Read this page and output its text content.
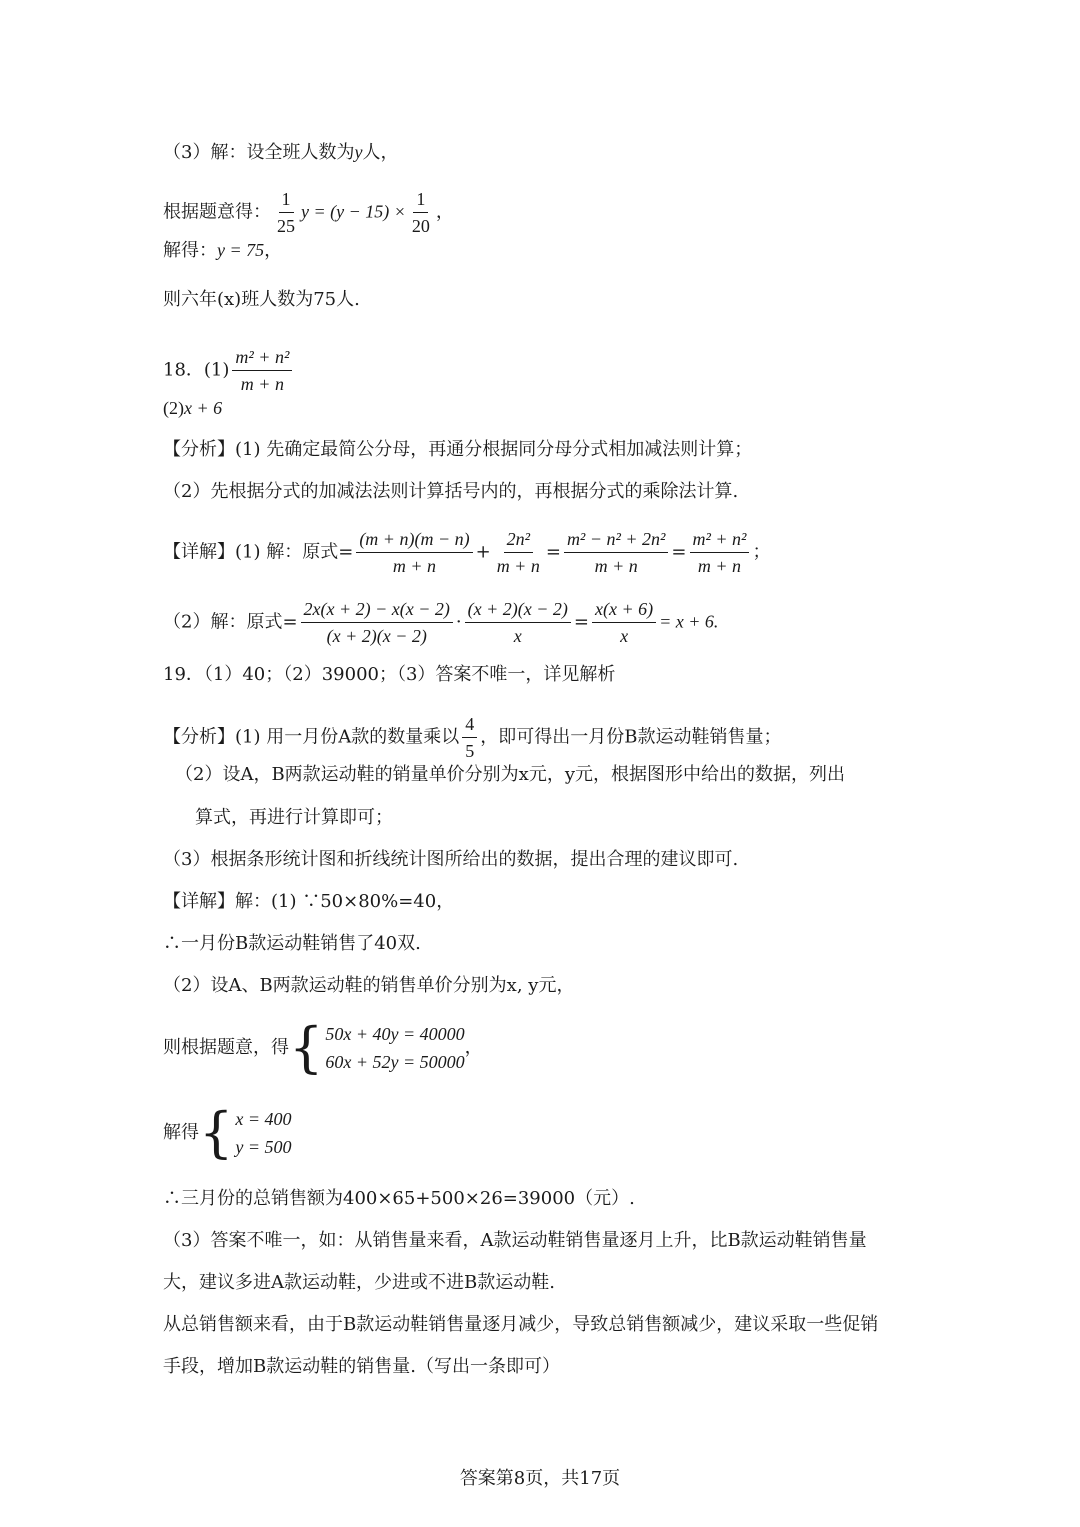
（3）解：设全班人数为y人，
根据题意得： $\frac{1}{25}$ $y = (y - 15) \times \frac{1}{20}$ ，
解得：y = 75，
则六年(x)班人数为75人.
18．$(1) \frac{\text{m² + n²}}{m + n}$
(2)x + 6
【分析】(1) 先确定最简公分母，再通分根据同分母分式相加减法则计算；
（2）先根据分式的加减法法则计算括号内的，再根据分式的乘除法计算.
【详解】(1) 解：原式= $\frac{(m + n)(m - n)}{m + n} + \frac{\text{2n²}}{m + n} = \frac{\text{m² − n² + 2n²}}{m + n} = \frac{\text{m² + n²}}{m + n}$ ；
（2）解：原式= $\frac{2x(x + 2) - x(x - 2)}{(x + 2)(x - 2)} \cdot \frac{(x + 2)(x - 2)}{x} = \frac{x(x + 6)}{x} = x + 6$.
19．（1）40；（2）39000；（3）答案不唯一，详见解析
【分析】(1) 用一月份A款的数量乘以 $\frac{4}{5}$ ，即可得出一月份B款运动鞋销售量；
（2）设A，B两款运动鞋的销量单价分别为x元，y元，根据图形中给出的数据，列出
算式，再进行计算即可；
（3）根据条形统计图和折线统计图所给出的数据，提出合理的建议即可.
【详解】解：(1) ∵50×80%=40，
∴一月份B款运动鞋销售了40双.
（2）设A、B两款运动鞋的销售单价分别为x, y元，
则根据题意，得 { 50x + 40y = 40000
60x + 52y = 50000
，
解得 { x = 400
y = 500
∴三月份的总销售额为400×65+500×26=39000（元）.
（3）答案不唯一，如：从销售量来看，A款运动鞋销售量逐月上升，比B款运动鞋销售量
大，建议多进A款运动鞋，少进或不进B款运动鞋.
从总销售额来看，由于B款运动鞋销售量逐月减少，导致总销售额减少，建议采取一些促销
手段，增加B款运动鞋的销售量.（写出一条即可）
答案第8页，共17页
